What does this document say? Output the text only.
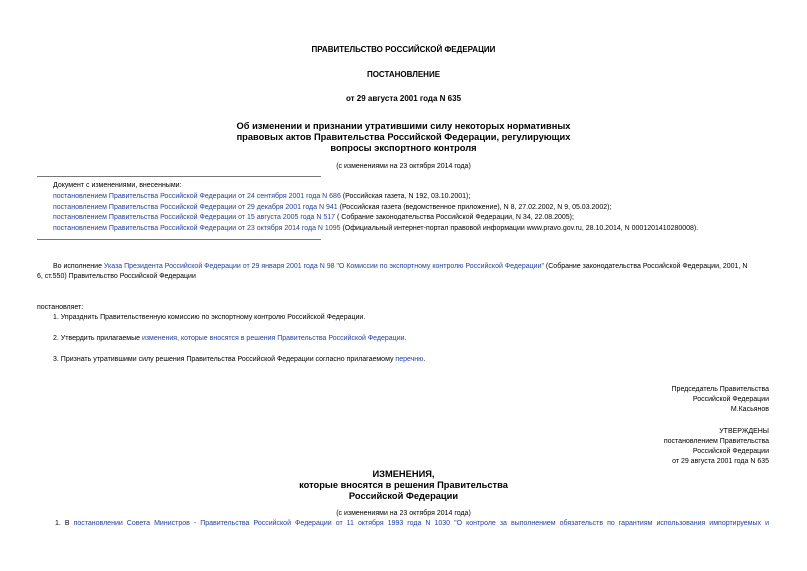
ПРАВИТЕЛЬСТВО РОССИЙСКОЙ ФЕДЕРАЦИИ
ПОСТАНОВЛЕНИЕ
от 29 августа 2001 года N 635
Об изменении и признании утратившими силу некоторых нормативных
правовых актов Правительства Российской Федерации, регулирующих
вопросы экспортного контроля
(с изменениями на 23 октября 2014 года)
Документ с изменениями, внесенными:
постановлением Правительства Российской Федерации от 24 сентября 2001 года N 686 (Российская газета, N 192, 03.10.2001);
постановлением Правительства Российской Федерации от 29 декабря 2001 года N 941 (Российская газета (ведомственное приложение), N 8, 27.02.2002, N 9, 05.03.2002);
постановлением Правительства Российской Федерации от 15 августа 2005 года N 517 ( Собрание законодательства Российской Федерации, N 34, 22.08.2005);
постановлением Правительства Российской Федерации от 23 октября 2014 года N 1095 (Официальный интернет-портал правовой информации www.pravo.gov.ru, 28.10.2014, N 0001201410280008).
Во исполнение Указа Президента Российской Федерации от 29 января 2001 года N 98 "О Комиссии по экспортному контролю Российской Федерации" (Собрание законодательства Российской Федерации, 2001, N
6, ст.550) Правительство Российской Федерации
постановляет:
1. Упразднить Правительственную комиссию по экспортному контролю Российской Федерации.
2. Утвердить прилагаемые изменения, которые вносятся в решения Правительства Российской Федерации.
3. Признать утратившими силу решения Правительства Российской Федерации согласно прилагаемому перечню.
Председатель Правительства
Российской Федерации
М.Касьянов
УТВЕРЖДЕНЫ
постановлением Правительства
Российской Федерации
от 29 августа 2001 года N 635
ИЗМЕНЕНИЯ,
которые вносятся в решения Правительства
Российской Федерации
(с изменениями на 23 октября 2014 года)
1. В постановлении Совета Министров - Правительства Российской Федерации от 11 октября 1993 года N 1030 "О контроле за выполнением обязательств по гарантиям использования импортируемых и
